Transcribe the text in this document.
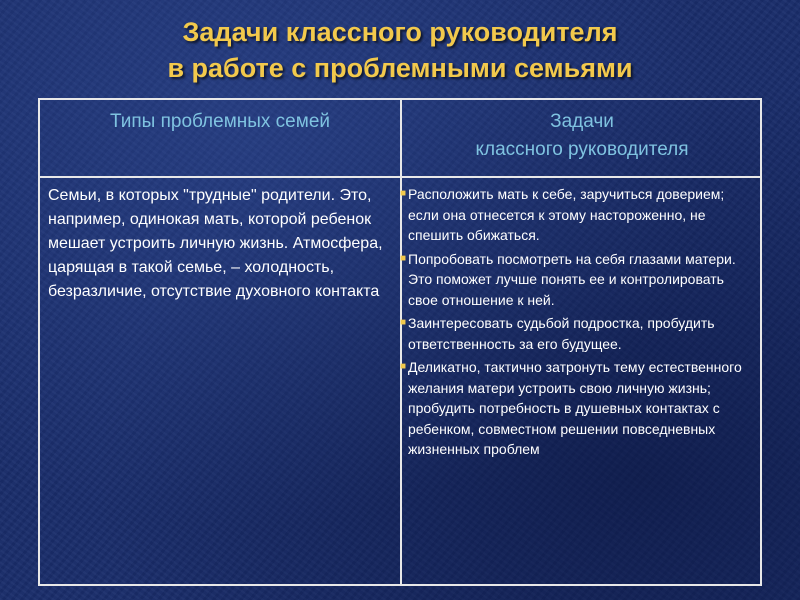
Задачи классного руководителя
в работе с проблемными семьями
Типы проблемных семей	Задачи
классного руководителя
Семьи, в которых "трудные" родители. Это, например, одинокая мать, которой ребенок мешает устроить личную жизнь. Атмосфера, царящая в такой семье, – холодность, безразличие, отсутствие духовного контакта
■ Расположить мать к себе, заручиться доверием; если она отнесется к этому настороженно, не спешить обижаться.
■ Попробовать посмотреть на себя глазами матери. Это поможет лучше понять ее и контролировать свое отношение к ней.
■ Заинтересовать судьбой подростка, пробудить ответственность за его будущее.
■ Деликатно, тактично затронуть тему естественного желания матери устроить свою личную жизнь; пробудить потребность в душевных контактах с ребенком, совместном решении повседневных жизненных проблем
